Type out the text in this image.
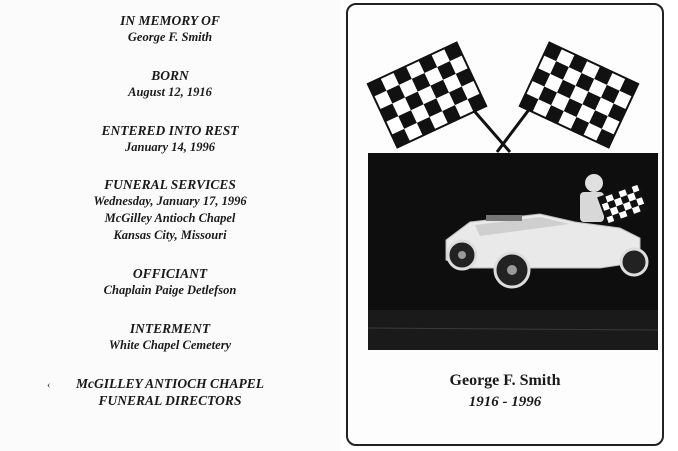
IN MEMORY OF
George F. Smith
BORN
August 12, 1916
ENTERED INTO REST
January 14, 1996
FUNERAL SERVICES
Wednesday, January 17, 1996
McGilley Antioch Chapel
Kansas City, Missouri
OFFICIANT
Chaplain Paige Detlefson
INTERMENT
White Chapel Cemetery
‹	McGILLEY ANTIOCH CHAPEL
FUNERAL DIRECTORS
George F. Smith
1916 - 1996
